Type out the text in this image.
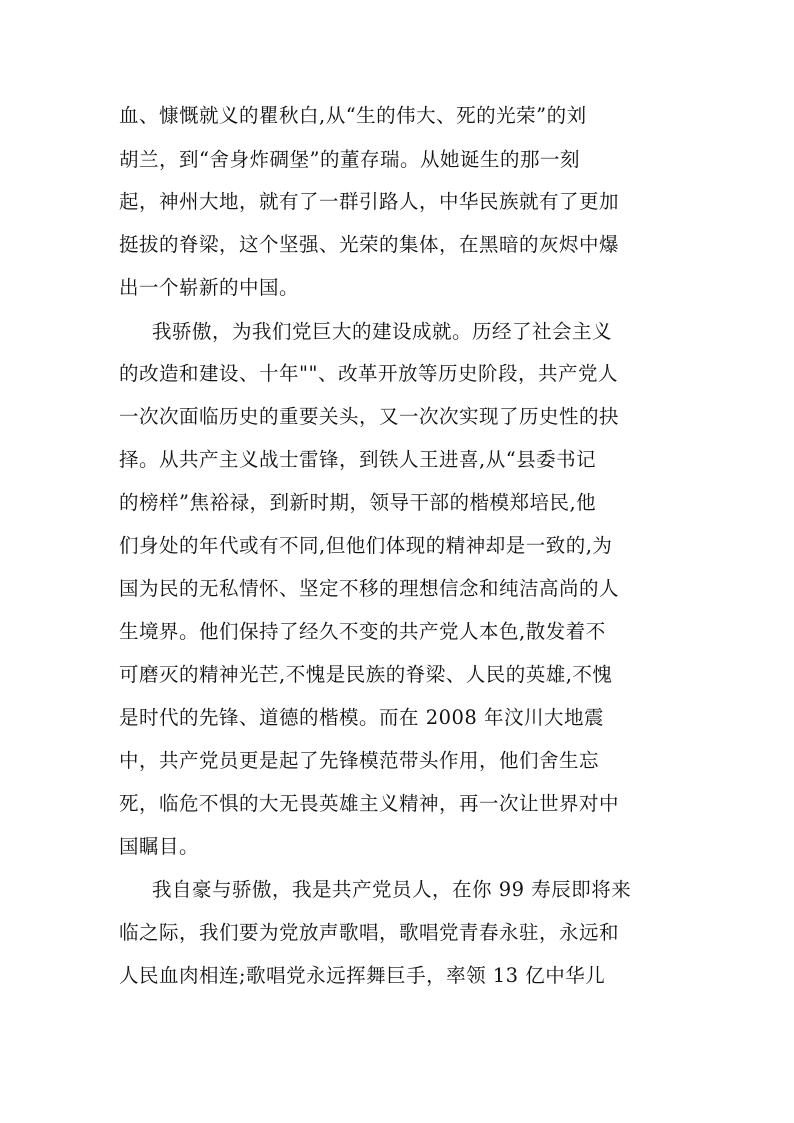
血、慷慨就义的瞿秋白,从“生的伟大、死的光荣”的刘
胡兰，到“舍身炸碉堡”的董存瑞。从她诞生的那一刻
起，神州大地，就有了一群引路人，中华民族就有了更加
挺拔的脊梁，这个坚强、光荣的集体，在黑暗的灰烬中爆
出一个崭新的中国。
我骄傲，为我们党巨大的建设成就。历经了社会主义
的改造和建设、十年""、改革开放等历史阶段，共产党人
一次次面临历史的重要关头，又一次次实现了历史性的抉
择。从共产主义战士雷锋，到铁人王进喜,从“县委书记
的榜样”焦裕禄，到新时期，领导干部的楷模郑培民,他
们身处的年代或有不同,但他们体现的精神却是一致的,为
国为民的无私情怀、坚定不移的理想信念和纯洁高尚的人
生境界。他们保持了经久不变的共产党人本色,散发着不
可磨灭的精神光芒,不愧是民族的脊梁、人民的英雄,不愧
是时代的先锋、道德的楷模。而在 2008 年汶川大地震
中，共产党员更是起了先锋模范带头作用，他们舍生忘
死，临危不惧的大无畏英雄主义精神，再一次让世界对中
国瞩目。
我自豪与骄傲，我是共产党员人，在你 99 寿辰即将来
临之际，我们要为党放声歌唱，歌唱党青春永驻，永远和
人民血肉相连;歌唱党永远挥舞巨手，率领 13 亿中华儿
